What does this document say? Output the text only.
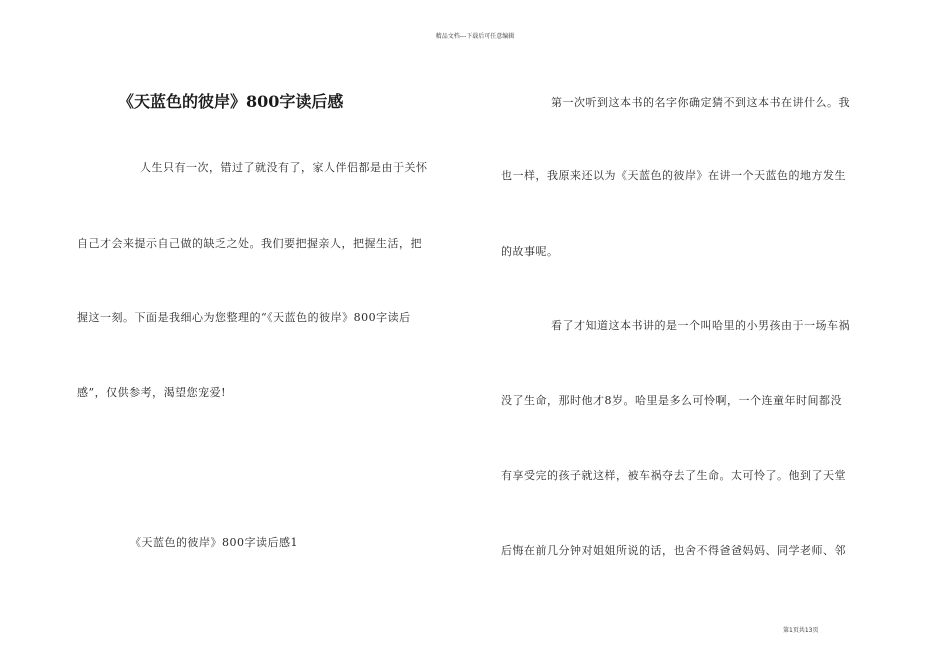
精品文档---下载后可任意编辑
《天蓝色的彼岸》800字读后感
人生只有一次，错过了就没有了，家人伴侣都是由于关怀
自己才会来提示自己做的缺乏之处。我们要把握亲人，把握生活，把
握这一刻。下面是我细心为您整理的“《天蓝色的彼岸》800字读后
感”，仅供参考，渴望您宠爱!
《天蓝色的彼岸》800字读后感1
第一次听到这本书的名字你确定猜不到这本书在讲什么。我
也一样，我原来还以为《天蓝色的彼岸》在讲一个天蓝色的地方发生
的故事呢。
看了才知道这本书讲的是一个叫哈里的小男孩由于一场车祸
没了生命，那时他才8岁。哈里是多么可怜啊，一个连童年时间都没
有享受完的孩子就这样，被车祸夺去了生命。太可怜了。他到了天堂
后悔在前几分钟对姐姐所说的话，也舍不得爸爸妈妈、同学老师、邻
第1页共13页
